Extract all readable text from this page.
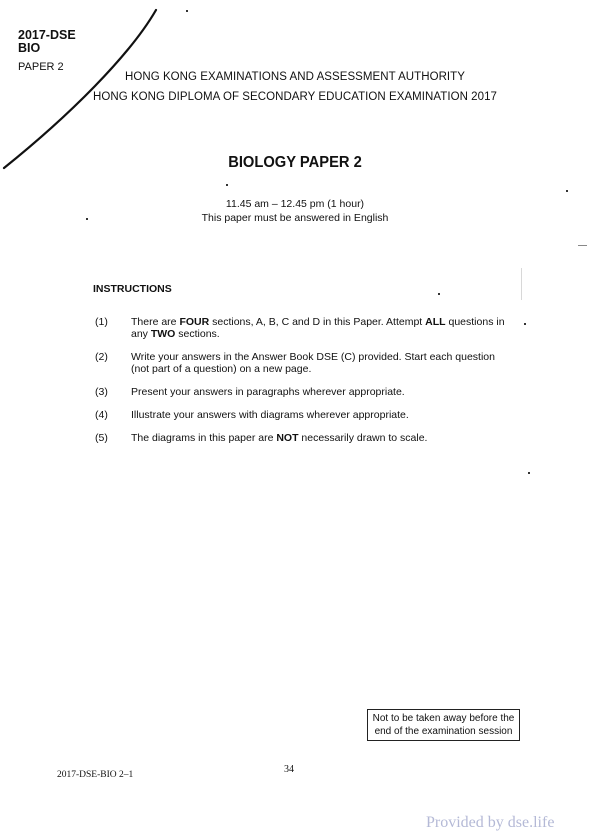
2017-DSE
BIO
PAPER 2
HONG KONG EXAMINATIONS AND ASSESSMENT AUTHORITY
HONG KONG DIPLOMA OF SECONDARY EDUCATION EXAMINATION 2017
BIOLOGY PAPER 2
11.45 am – 12.45 pm (1 hour)
This paper must be answered in English
INSTRUCTIONS
(1)	There are FOUR sections, A, B, C and D in this Paper. Attempt ALL questions in any TWO sections.
(2)	Write your answers in the Answer Book DSE (C) provided. Start each question (not part of a question) on a new page.
(3)	Present your answers in paragraphs wherever appropriate.
(4)	Illustrate your answers with diagrams wherever appropriate.
(5)	The diagrams in this paper are NOT necessarily drawn to scale.
Not to be taken away before the
end of the examination session
2017-DSE-BIO 2–1	34
Provided by dse.life
